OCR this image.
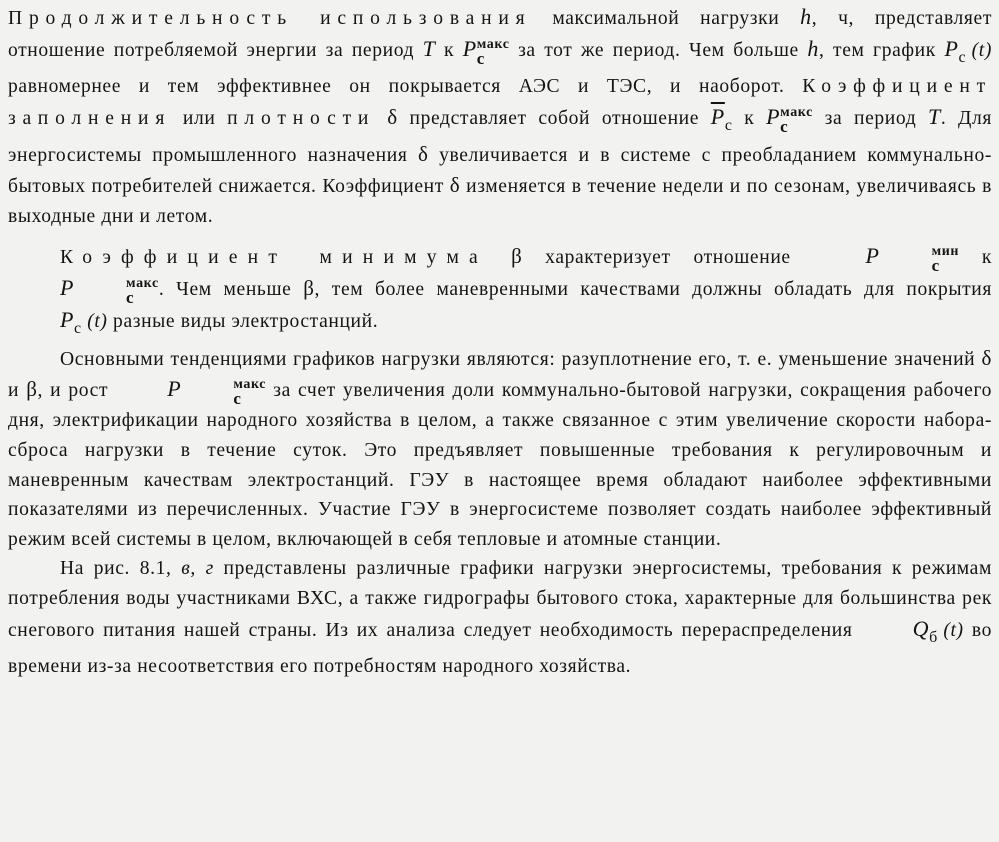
Продолжительность использования максимальной нагрузки h, ч, представляет отношение потребляемой энергии за период T к P макс
с	за тот же период. Чем больше h, тем график $P_с$ (t) равномернее и тем эффективнее он покрывается АЭС и ТЭС, и наоборот. Коэффициент заполнения или плотности δ представляет собой отношение $\overline{P}_с$ к P макс
с	за период T. Для энергосистемы промышленного назначения δ увеличивается и в системе с преобладанием коммунально-бытовых потребителей снижается. Коэффициент δ изменяется в течение недели и по сезонам, увеличиваясь в выходные дни и летом.

Коэффициент минимума β характеризует отношение P	мин
с к P	макс
с	. Чем меньше β, тем более маневренными качествами должны обладать для покрытия $P_с$ (t) разные виды электростанций.

Основными тенденциями графиков нагрузки являются: разуплотнение его, т. е. уменьшение значений δ и β, и рост P	макс
с	за счет увеличения доли коммунально-бытовой нагрузки, сокращения рабочего дня, электрификации народного хозяйства в целом, а также связанное с этим увеличение скорости набора-сброса нагрузки в течение суток. Это предъявляет повышенные требования к регулировочным и маневренным качествам электростанций. ГЭУ в настоящее время обладают наиболее эффективными показателями из перечисленных. Участие ГЭУ в энергосистеме позволяет создать наиболее эффективный режим всей системы в целом, включающей в себя тепловые и атомные станции.

На рис. 8.1, в, г представлены различные графики нагрузки энергосистемы, требования к режимам потребления воды участниками ВХС, а также гидрографы бытового стока, характерные для большинства рек снегового питания нашей страны. Из их анализа следует необходимость перераспределения $Q_б$ (t) во времени из-за несоответствия его потребностям народного хозяйства.
